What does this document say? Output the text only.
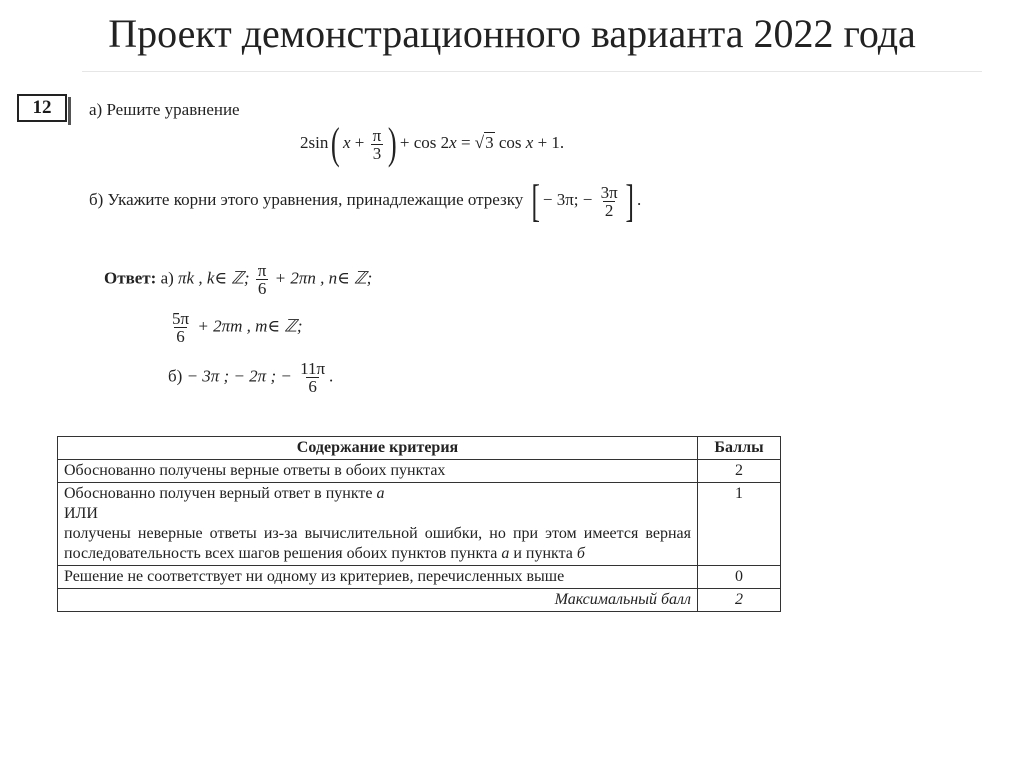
Проект демонстрационного варианта 2022 года
12	а) Решите уравнение
2sin( $x + \frac{\pi}{3}$ ) + cos 2x = √3 cos x + 1.
б) Укажите корни этого уравнения, принадлежащие отрезку [ − 3π; − $\frac{3\pi}{2}$ ] .
Ответ: а) πk , k∈ ℤ; $\frac{\pi}{6} + 2\pi n$ , n∈ ℤ;
$\frac{5\pi}{6} + 2\pi m$ , m∈ ℤ;
б) − 3π ; − 2π ; − $\frac{11\pi}{6}$ .
Содержание критерия	Баллы
Обоснованно получены верные ответы в обоих пунктах	2
Обоснованно получен верный ответ в пункте а
ИЛИ
получены неверные ответы из-за вычислительной ошибки, но при этом имеется верная последовательность всех шагов решения обоих пунктов пункта а и пункта б	1
Решение не соответствует ни одному из критериев, перечисленных выше	0
Максимальный балл	2
